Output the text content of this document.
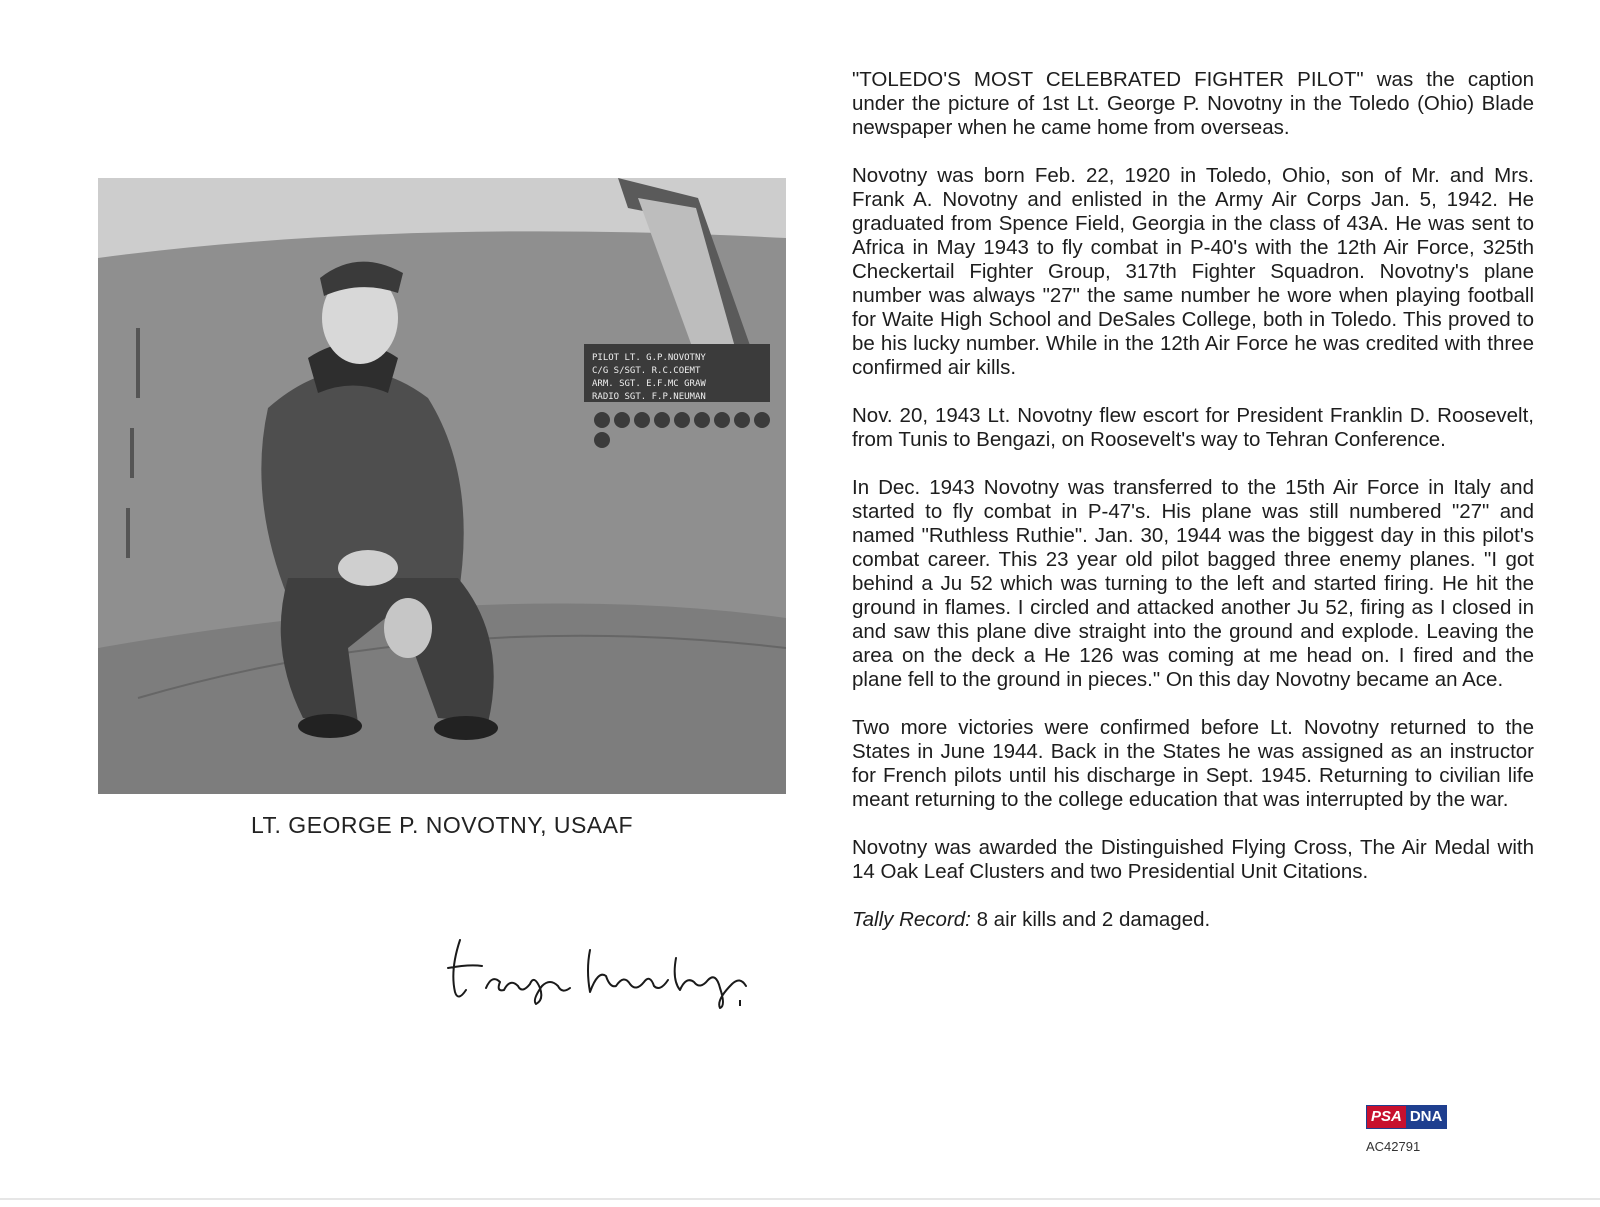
PILOT LT. G.P.NOVOTNY
C/G S/SGT. R.C.COEMT
ARM. SGT. E.F.MC GRAW
RADIO SGT. F.P.NEUMAN
LT. GEORGE P. NOVOTNY, USAAF

"TOLEDO'S MOST CELEBRATED FIGHTER PILOT" was the caption under the picture of 1st Lt. George P. Novotny in the Toledo (Ohio) Blade newspaper when he came home from overseas.

Novotny was born Feb. 22, 1920 in Toledo, Ohio, son of Mr. and Mrs. Frank A. Novotny and enlisted in the Army Air Corps Jan. 5, 1942. He graduated from Spence Field, Georgia in the class of 43A. He was sent to Africa in May 1943 to fly combat in P-40's with the 12th Air Force, 325th Checkertail Fighter Group, 317th Fighter Squadron. Novotny's plane number was always "27" the same number he wore when playing football for Waite High School and DeSales College, both in Toledo. This proved to be his lucky number. While in the 12th Air Force he was credited with three confirmed air kills.

Nov. 20, 1943 Lt. Novotny flew escort for President Franklin D. Roosevelt, from Tunis to Bengazi, on Roosevelt's way to Tehran Conference.

In Dec. 1943 Novotny was transferred to the 15th Air Force in Italy and started to fly combat in P-47's. His plane was still numbered "27" and named "Ruthless Ruthie". Jan. 30, 1944 was the biggest day in this pilot's combat career. This 23 year old pilot bagged three enemy planes. "I got behind a Ju 52 which was turning to the left and started firing. He hit the ground in flames. I circled and attacked another Ju 52, firing as I closed in and saw this plane dive straight into the ground and explode. Leaving the area on the deck a He 126 was coming at me head on. I fired and the plane fell to the ground in pieces." On this day Novotny became an Ace.

Two more victories were confirmed before Lt. Novotny returned to the States in June 1944. Back in the States he was assigned as an instructor for French pilots until his discharge in Sept. 1945. Returning to civilian life meant returning to the college education that was interrupted by the war.

Novotny was awarded the Distinguished Flying Cross, The Air Medal with 14 Oak Leaf Clusters and two Presidential Unit Citations.

Tally Record: 8 air kills and 2 damaged.
PSA DNA
AC42791
